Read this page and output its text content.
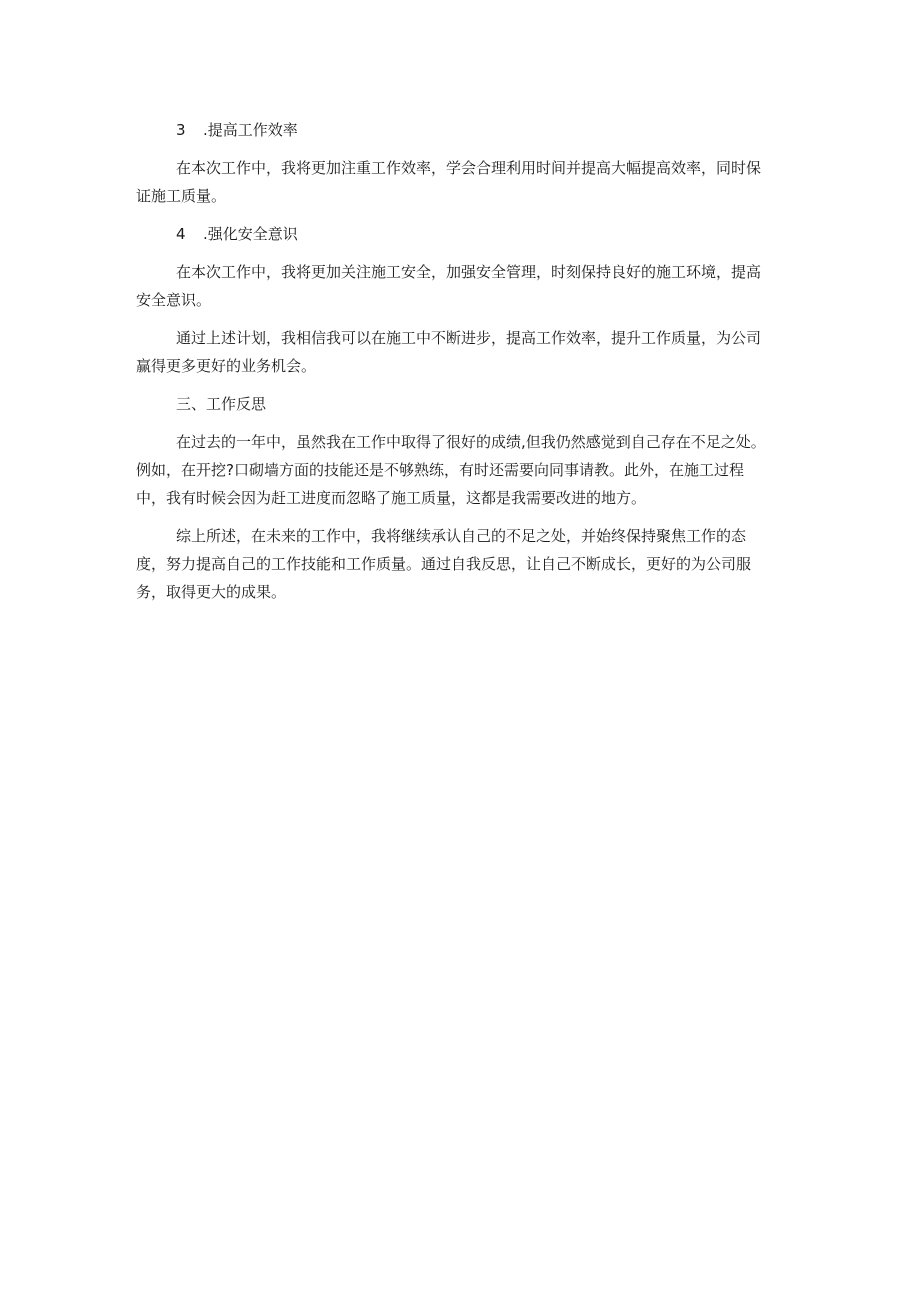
3 .提高工作效率
在本次工作中，我将更加注重工作效率，学会合理利用时间并提高大幅提高效率，同时保
证施工质量。
4 .强化安全意识
在本次工作中，我将更加关注施工安全，加强安全管理，时刻保持良好的施工环境，提高
安全意识。
通过上述计划，我相信我可以在施工中不断进步，提高工作效率，提升工作质量，为公司
赢得更多更好的业务机会。
三、工作反思
在过去的一年中，虽然我在工作中取得了很好的成绩,但我仍然感觉到自己存在不足之处。
例如，在开挖?口砌墙方面的技能还是不够熟练，有时还需要向同事请教。此外，在施工过程
中，我有时候会因为赶工进度而忽略了施工质量，这都是我需要改进的地方。
综上所述，在未来的工作中，我将继续承认自己的不足之处，并始终保持聚焦工作的态
度，努力提高自己的工作技能和工作质量。通过自我反思，让自己不断成长，更好的为公司服
务，取得更大的成果。
